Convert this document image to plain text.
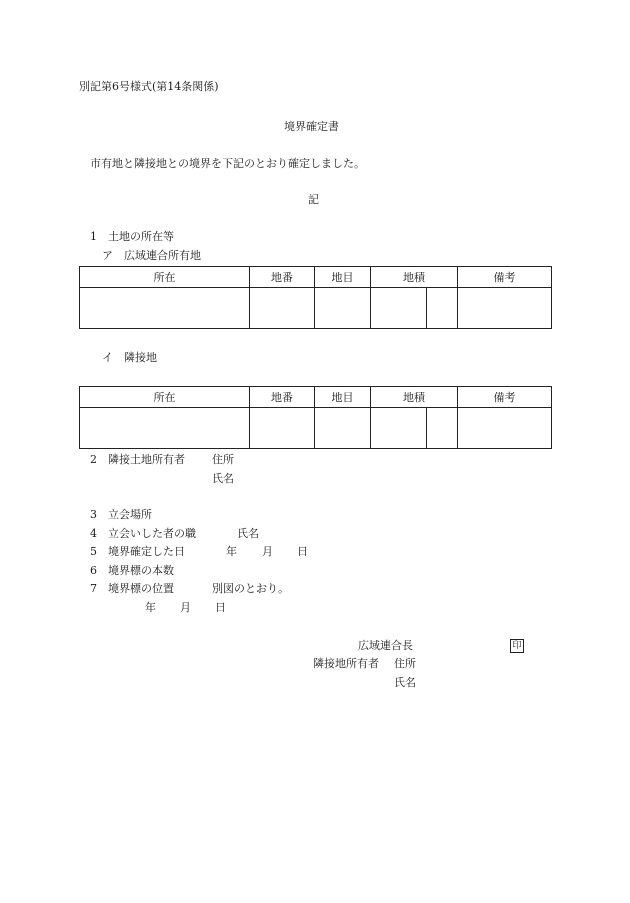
別記第6号様式(第14条関係)
境界確定書
市有地と隣接地との境界を下記のとおり確定しました。
記
1　土地の所在等
ア　広域連合所有地
所在	地番	地目	地積		備考

イ　隣接地
所在	地番	地目	地積		備考

2　隣接土地所有者 住所
氏名
3　立会場所
4　立会いした者の職	氏名
5　境界確定した日	年 月 日
6　境界標の本数
7　境界標の位置	別図のとおり。
年 月 日
広域連合長	印
隣接地所有者 住所
氏名
